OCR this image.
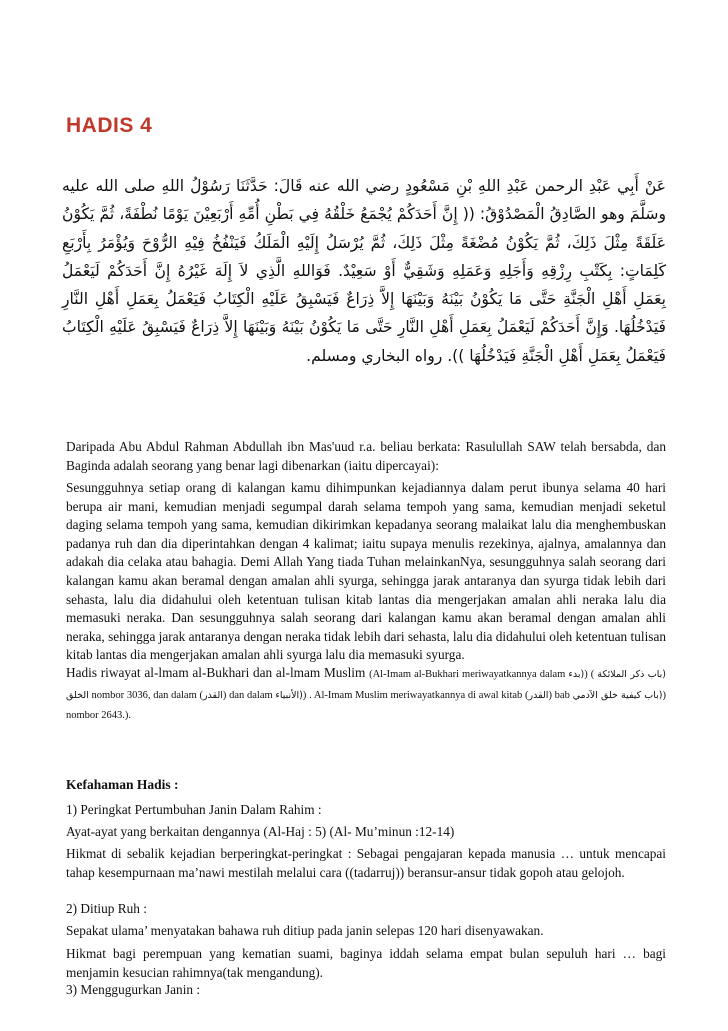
HADIS 4
عَنْ أَبِي عَبْدِ الرحمن عَبْدِ اللهِ بْنِ مَسْعُودٍ رضي الله عنه قَالَ: حَدَّثَنَا رَسُوْلُ اللهِ صلى الله عليه وسَلَّمَ وهو الصَّادِقُ الْمَصْدُوْقُ: (( إِنَّ أَحَدَكُمْ يُجْمَعُ خَلْقُهُ فِي بَطْنِ أُمِّهِ أَرْبَعِيْنَ يَوْمًا نُطْفَةً، ثُمَّ يَكُوْنُ عَلَقَةً مِثْلَ ذَلِكَ، ثُمَّ يَكُوْنُ مُضْغَةً مِثْلَ ذَلِكَ، ثُمَّ يُرْسَلُ إِلَيْهِ الْمَلَكُ فَيَنْفُخُ فِيْهِ الرُّوْحَ وَيُؤْمَرُ بِأَرْبَعِ كَلِمَاتٍ: بِكَتْبِ رِزْقِهِ وَأَجَلِهِ وَعَمَلِهِ وَشَقِيٌّ أَوْ سَعِيْدٌ. فَوَاللهِ الَّذِي لاَ إِلَهَ غَيْرُهُ إِنَّ أَحَدَكُمْ لَيَعْمَلُ بِعَمَلِ أَهْلِ الْجَنَّةِ حَتَّى مَا يَكُوْنُ بَيْنَهُ وَبَيْنَهَا إِلاَّ ذِرَاعٌ فَيَسْبِقُ عَلَيْهِ الْكِتَابُ فَيَعْمَلُ بِعَمَلِ أَهْلِ النَّارِ فَيَدْخُلُهَا. وَإِنَّ أَحَدَكُمْ لَيَعْمَلُ بِعَمَلِ أَهْلِ النَّارِ حَتَّى مَا يَكُوْنُ بَيْنَهُ وَبَيْنَهَا إِلاَّ ذِرَاعٌ فَيَسْبِقُ عَلَيْهِ الْكِتَابُ فَيَعْمَلُ بِعَمَلِ أَهْلِ الْجَنَّةِ فَيَدْخُلُهَا )). رواه البخاري ومسلم.

Daripada Abu Abdul Rahman Abdullah ibn Mas'uud r.a. beliau berkata: Rasulullah SAW telah bersabda, dan Baginda adalah seorang yang benar lagi dibenarkan (iaitu dipercayai):

Sesungguhnya setiap orang di kalangan kamu dihimpunkan kejadiannya dalam perut ibunya selama 40 hari berupa air mani, kemudian menjadi segumpal darah selama tempoh yang sama, kemudian menjadi seketul daging selama tempoh yang sama, kemudian dikirimkan kepadanya seorang malaikat lalu dia menghembuskan padanya ruh dan dia diperintahkan dengan 4 kalimat; iaitu supaya menulis rezekinya, ajalnya, amalannya dan adakah dia celaka atau bahagia. Demi Allah Yang tiada Tuhan melainkanNya, sesungguhnya salah seorang dari kalangan kamu akan beramal dengan amalan ahli syurga, sehingga jarak antaranya dan syurga tidak lebih dari sehasta, lalu dia didahului oleh ketentuan tulisan kitab lantas dia mengerjakan amalan ahli neraka lalu dia memasuki neraka. Dan sesungguhnya salah seorang dari kalangan kamu akan beramal dengan amalan ahli neraka, sehingga jarak antaranya dengan neraka tidak lebih dari sehasta, lalu dia didahului oleh ketentuan tulisan kitab lantas dia mengerjakan amalan ahli syurga lalu dia memasuki syurga.

Hadis riwayat al-lmam al-Bukhari dan al-lmam Muslim (Al-Imam al-Bukhari meriwayatkannya dalam (بدء) ( (باب ذكر الملائكة الخلق nombor 3036, dan dalam (القدر) dan dalam (الأنبياء) . Al-Imam Muslim meriwayatkannya di awal kitab (القدر) bab (باب كيفية خلق الآدمي) nombor 2643.).

Kefahaman Hadis :

1) Peringkat Pertumbuhan Janin Dalam Rahim :

Ayat-ayat yang berkaitan dengannya (Al-Haj : 5) (Al- Mu’minun :12-14)

Hikmat di sebalik kejadian berperingkat-peringkat : Sebagai pengajaran kepada manusia … untuk mencapai tahap kesempurnaan ma’nawi mestilah melalui cara ((tadarruj)) beransur-ansur tidak gopoh atau gelojoh.

2) Ditiup Ruh :

Sepakat ulama’ menyatakan bahawa ruh ditiup pada janin selepas 120 hari disenyawakan.

Hikmat bagi perempuan yang kematian suami, baginya iddah selama empat bulan sepuluh hari … bagi menjamin kesucian rahimnya(tak mengandung).

3) Menggugurkan Janin :
